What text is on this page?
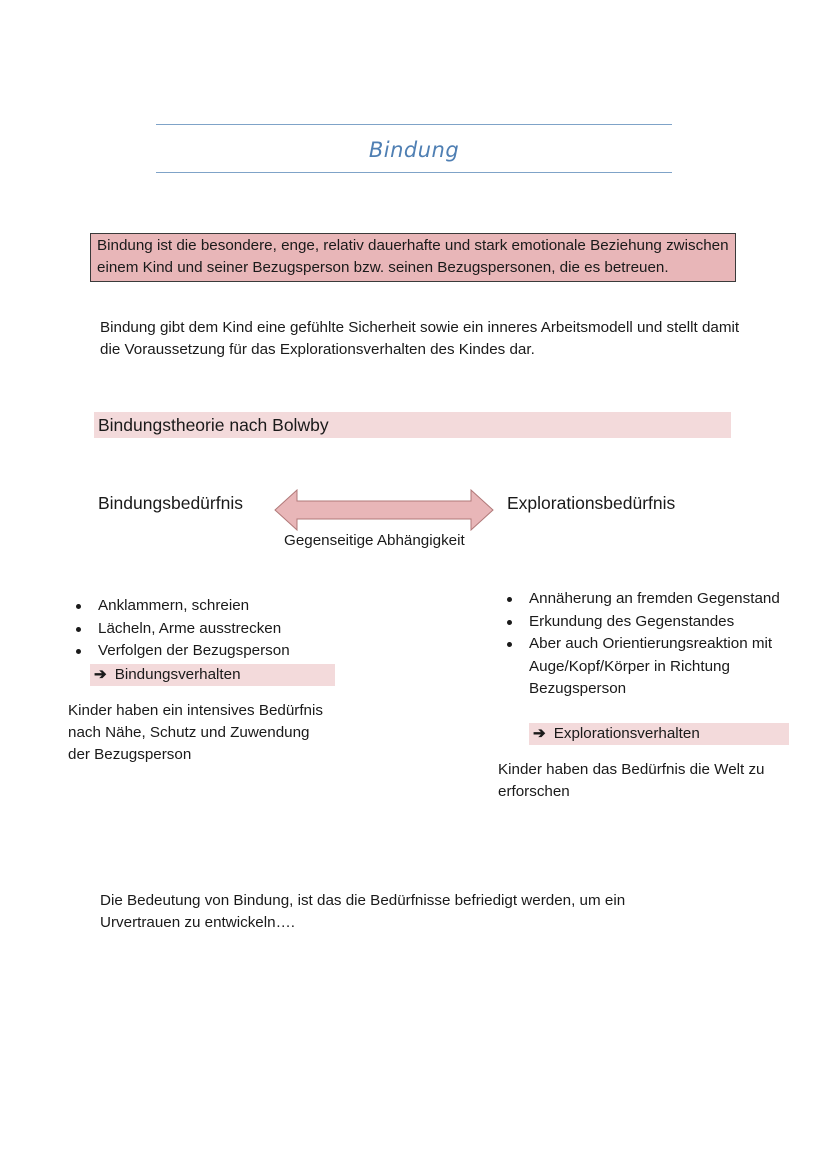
Bindung
Bindung ist die besondere, enge, relativ dauerhafte und stark emotionale Beziehung zwischen einem Kind und seiner Bezugsperson bzw. seinen Bezugspersonen, die es betreuen.
Bindung gibt dem Kind eine gefühlte Sicherheit sowie ein inneres Arbeitsmodell und stellt damit die Voraussetzung für das Explorationsverhalten des Kindes dar.
Bindungstheorie nach Bolwby
Bindungsbedürfnis	Explorationsbedürfnis
Gegenseitige Abhängigkeit
Anklammern, schreien
Lächeln, Arme ausstrecken
Verfolgen der Bezugsperson
➔ Bindungsverhalten
Kinder haben ein intensives Bedürfnis nach Nähe, Schutz und Zuwendung der Bezugsperson
Annäherung an fremden Gegenstand
Erkundung des Gegenstandes
Aber auch Orientierungsreaktion mit Auge/Kopf/Körper in Richtung Bezugsperson
➔ Explorationsverhalten
Kinder haben das Bedürfnis die Welt zu erforschen
Die Bedeutung von Bindung, ist das die Bedürfnisse befriedigt werden, um ein Urvertrauen zu entwickeln….
